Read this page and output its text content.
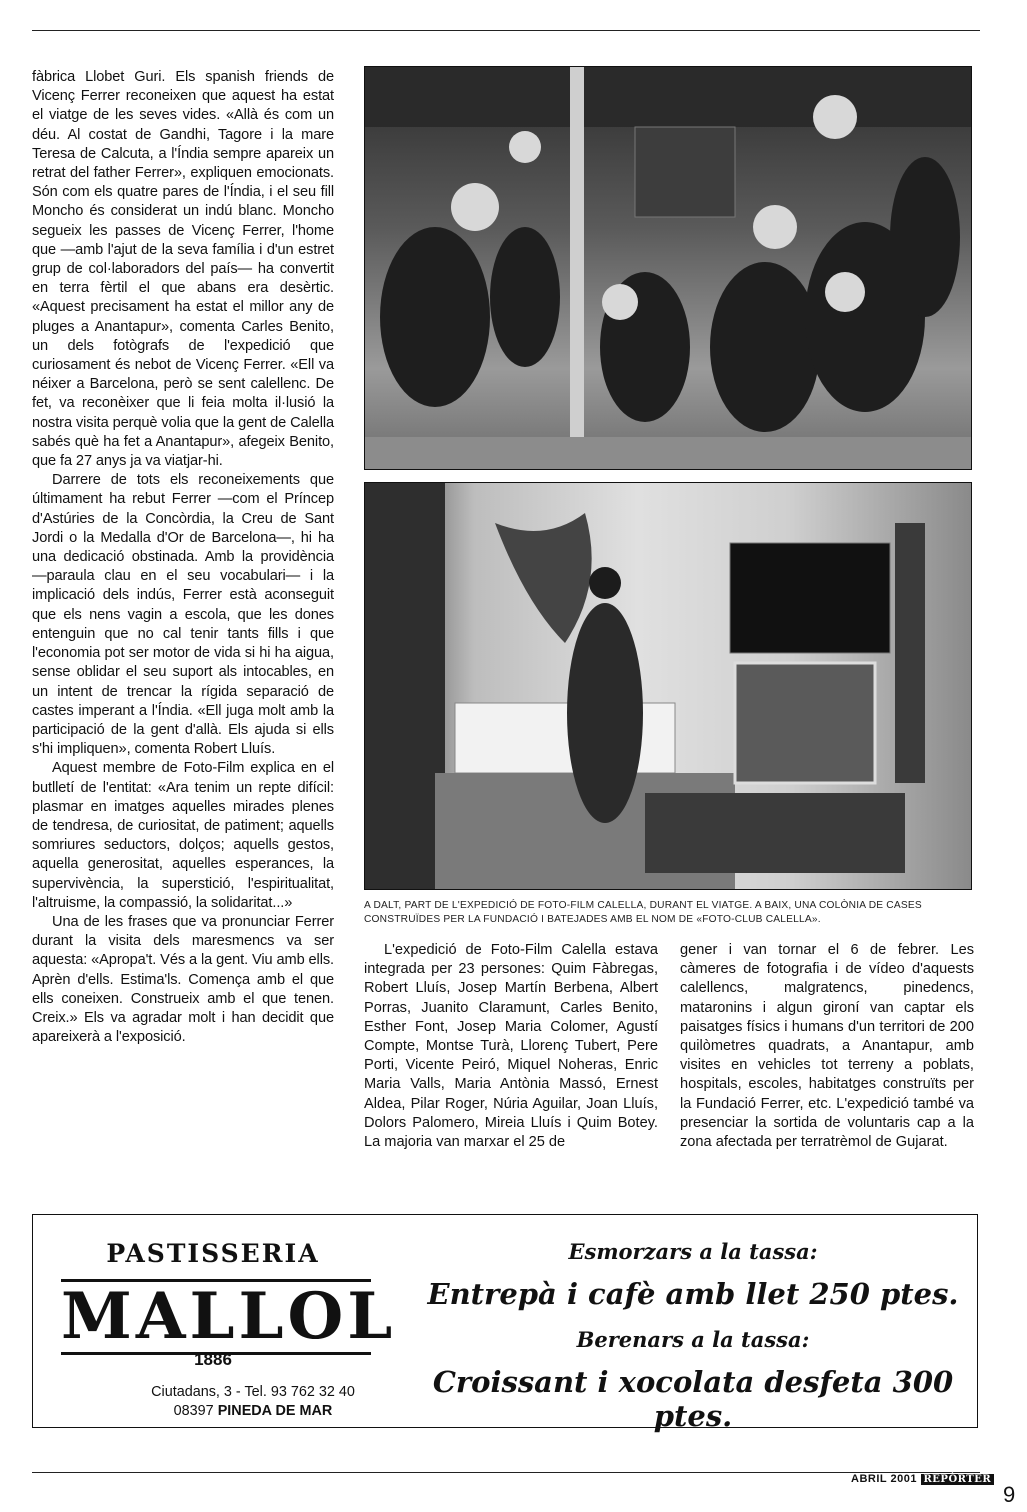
fàbrica Llobet Guri. Els spanish friends de Vicenç Ferrer reconeixen que aquest ha estat el viatge de les seves vides. «Allà és com un déu. Al costat de Gandhi, Tagore i la mare Teresa de Calcuta, a l'Índia sempre apareix un retrat del father Ferrer», expliquen emocionats. Són com els quatre pares de l'Índia, i el seu fill Moncho és considerat un indú blanc. Moncho segueix les passes de Vicenç Ferrer, l'home que —amb l'ajut de la seva família i d'un estret grup de col·laboradors del país— ha convertit en terra fèrtil el que abans era desèrtic. «Aquest precisament ha estat el millor any de pluges a Anantapur», comenta Carles Benito, un dels fotògrafs de l'expedició que curiosament és nebot de Vicenç Ferrer. «Ell va néixer a Barcelona, però se sent calellenc. De fet, va reconèixer que li feia molta il·lusió la nostra visita perquè volia que la gent de Calella sabés què ha fet a Anantapur», afegeix Benito, que fa 27 anys ja va viatjar-hi.

Darrere de tots els reconeixements que últimament ha rebut Ferrer —com el Príncep d'Astúries de la Concòrdia, la Creu de Sant Jordi o la Medalla d'Or de Barcelona—, hi ha una dedicació obstinada. Amb la providència —paraula clau en el seu vocabulari— i la implicació dels indús, Ferrer està aconseguit que els nens vagin a escola, que les dones entenguin que no cal tenir tants fills i que l'economia pot ser motor de vida si hi ha aigua, sense oblidar el seu suport als intocables, en un intent de trencar la rígida separació de castes imperant a l'Índia. «Ell juga molt amb la participació de la gent d'allà. Els ajuda si ells s'hi impliquen», comenta Robert Lluís.

Aquest membre de Foto-Film explica en el butlletí de l'entitat: «Ara tenim un repte difícil: plasmar en imatges aquelles mirades plenes de tendresa, de curiositat, de patiment; aquells somriures seductors, dolços; aquells gestos, aquella generositat, aquelles esperances, la supervivència, la superstició, l'espiritualitat, l'altruisme, la compassió, la solidaritat...»

Una de les frases que va pronunciar Ferrer durant la visita dels maresmencs va ser aquesta: «Apropa't. Vés a la gent. Viu amb ells. Aprèn d'ells. Estima'ls. Comença amb el que ells coneixen. Construeix amb el que tenen. Creix.» Els va agradar molt i han decidit que apareixerà a l'exposició.

A DALT, PART DE L'EXPEDICIÓ DE FOTO-FILM CALELLA, DURANT EL VIATGE. A BAIX, UNA COLÒNIA DE CASES CONSTRUÏDES PER LA FUNDACIÓ I BATEJADES AMB EL NOM DE «FOTO-CLUB CALELLA».
L'expedició de Foto-Film Calella estava integrada per 23 persones: Quim Fàbregas, Robert Lluís, Josep Martín Berbena, Albert Porras, Juanito Claramunt, Carles Benito, Esther Font, Josep Maria Colomer, Agustí Compte, Montse Turà, Llorenç Tubert, Pere Porti, Vicente Peiró, Miquel Noheras, Enric Maria Valls, Maria Antònia Massó, Ernest Aldea, Pilar Roger, Núria Aguilar, Joan Lluís, Dolors Palomero, Mireia Lluís i Quim Botey. La majoria van marxar el 25 de
gener i van tornar el 6 de febrer. Les càmeres de fotografia i de vídeo d'aquests calellencs, malgratencs, pinedencs, mataronins i algun gironí van captar els paisatges físics i humans d'un territori de 200 quilòmetres quadrats, a Anantapur, amb visites en vehicles tot terreny a poblats, hospitals, escoles, habitatges construïts per la Fundació Ferrer, etc. L'expedició també va presenciar la sortida de voluntaris cap a la zona afectada per terratrèmol de Gujarat.
PASTISSERIA
MALLOL
1886
Ciutadans, 3 - Tel. 93 762 32 40
08397 PINEDA DE MAR
Esmorzars a la tassa:
Entrepà i cafè amb llet 250 ptes.
Berenars a la tassa:
Croissant i xocolata desfeta 300 ptes.
ABRIL 2001 REPÒRTER
9
